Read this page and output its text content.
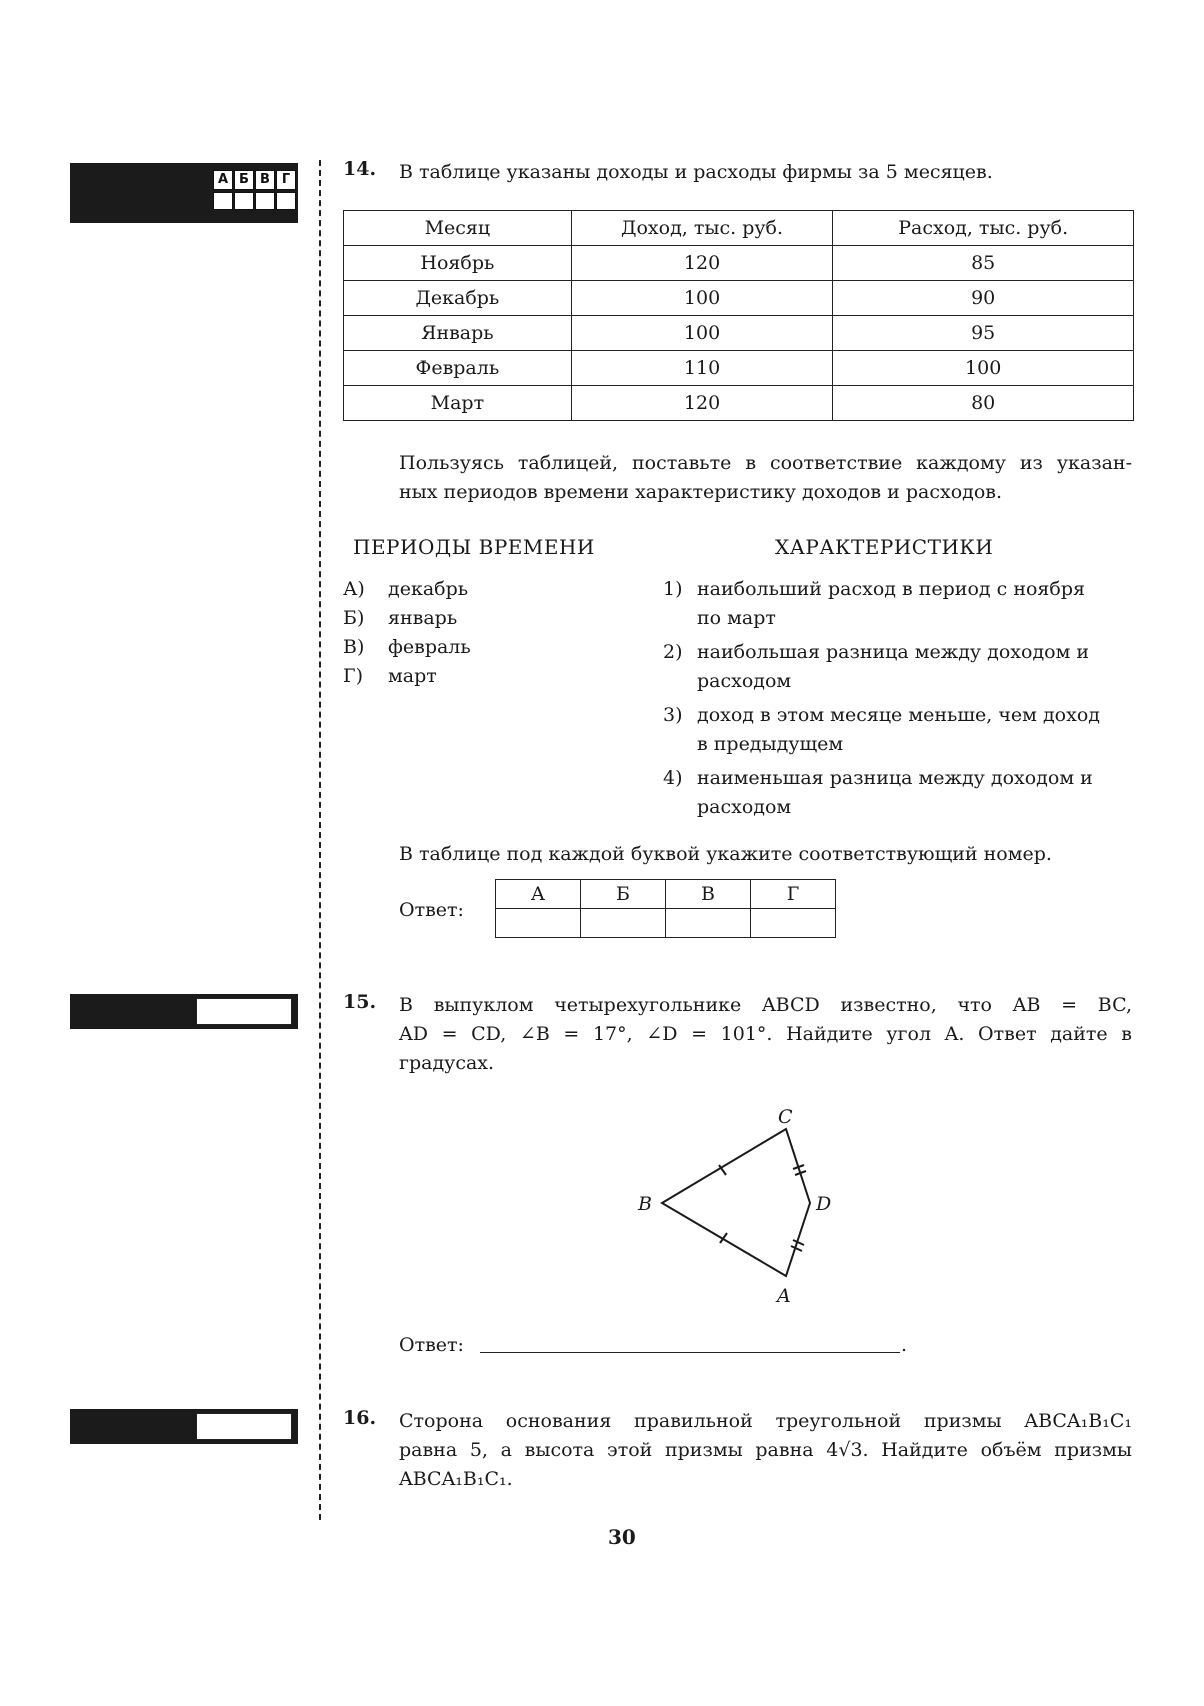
А Б В Г	14. В таблице указаны доходы и расходы фирмы за 5 месяцев.
Месяц	Доход, тыс. руб.	Расход, тыс. руб.
Ноябрь	120	85
Декабрь	100	90
Январь	100	95
Февраль	110	100
Март	120	80
Пользуясь таблицей, поставьте в соответствие каждому из указан-
ных периодов времени характеристику доходов и расходов.
ПЕРИОДЫ ВРЕМЕНИ	ХАРАКТЕРИСТИКИ
А) декабрь
Б) январь
В) февраль
Г) март
1) наибольший расход в период с ноября
по март
2) наибольшая разница между доходом и
расходом
3) доход в этом месяце меньше, чем доход
в предыдущем
4) наименьшая разница между доходом и
расходом
В таблице под каждой буквой укажите соответствующий номер.
Ответ:
А	Б	В	Г

15. В выпуклом четырехугольнике ABCD известно, что AB = BC,
AD = CD, ∠B = 17°, ∠D = 101°. Найдите угол A. Ответ дайте в
градусах.
C
B	D
A
Ответ:	.
16. Сторона основания правильной треугольной призмы ABCA₁B₁C₁
равна 5, а высота этой призмы равна 4√3. Найдите объём призмы
ABCA₁B₁C₁.
30
